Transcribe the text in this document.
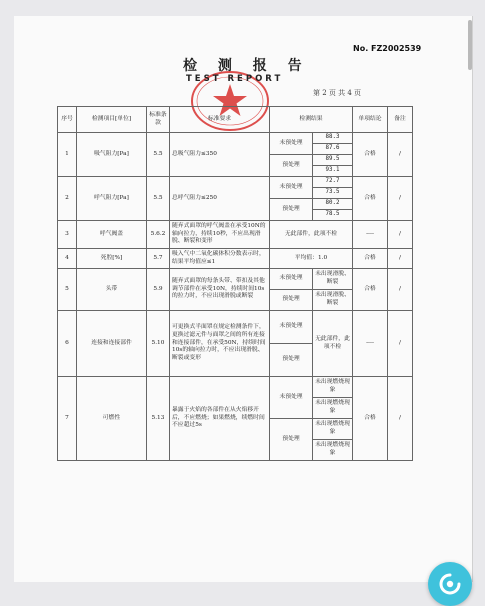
No. FZ2002539
检 测 报 告
TEST REPORT
第 2 页 共 4 页
序号	检测项目[单位]	标准条款	标准要求	检测结果		单项结论	备注
1	吸气阻力[Pa]	5.5	总吸气阻力≤350	未预处理	88.3	合格	/
					87.6		
				预处理	89.5		
					93.1		
2	呼气阻力[Pa]	5.5	总呼气阻力≤250	未预处理	72.7	合格	/
					73.5		
				预处理	80.2		
					78.5		
3	呼气阀盖	5.6.2	随弃式面罩的呼气阀盖在承受10N的轴向拉力，持续10秒，不应出现滑脱、断裂和变形	无此部件，此项不检		----	/
4	死腔[%]	5.7	吸入气中二氧化碳体积分数表示时，结果平均值应≤1	平均值：1.0		合格	/
5	头带	5.9	随弃式面罩的每条头带、带扣及其他调节部件在承受10N，持续时间10s的拉力时，不应出现滑脱或断裂	未预处理	未出现滑脱、断裂	合格	/
				预处理	未出现滑脱、断裂		
6	连接和连接部件	5.10	可更换式半面罩在规定检测条件下，更换过滤元件与面罩之间的所有连接和连接部件，在承受50N，持续时间10s的轴向拉力时，不应出现滑脱、断裂或变形	未预处理	无此部件，此项不检	----	/
				预处理			
7	可燃性	5.13	暴露于火焰的各部件在从火焰移开后，不应燃烧；如果燃烧，续燃时间不应超过5s	未预处理	未出现燃烧现象	合格	/
					未出现燃烧现象		
				预处理	未出现燃烧现象		
					未出现燃烧现象		
